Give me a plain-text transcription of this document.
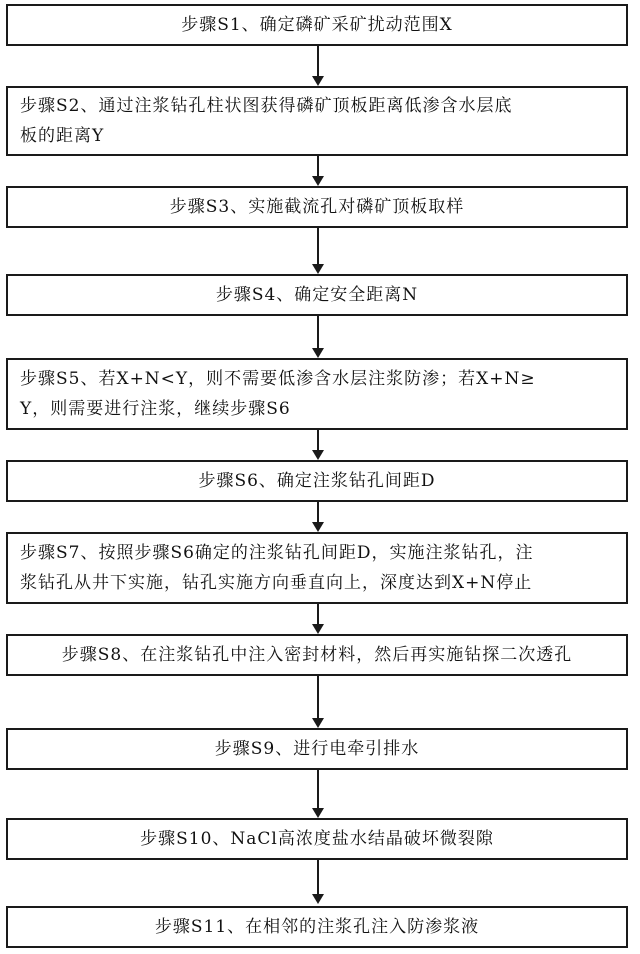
步骤S1、确定磷矿采矿扰动范围X
步骤S2、通过注浆钻孔柱状图获得磷矿顶板距离低渗含水层底
板的距离Y
步骤S3、实施截流孔对磷矿顶板取样
步骤S4、确定安全距离N
步骤S5、若X+N<Y，则不需要低渗含水层注浆防渗；若X+N≥
Y，则需要进行注浆，继续步骤S6
步骤S6、确定注浆钻孔间距D
步骤S7、按照步骤S6确定的注浆钻孔间距D，实施注浆钻孔，注
浆钻孔从井下实施，钻孔实施方向垂直向上，深度达到X+N停止
步骤S8、在注浆钻孔中注入密封材料，然后再实施钻探二次透孔
步骤S9、进行电牵引排水
步骤S10、NaCl高浓度盐水结晶破坏微裂隙
步骤S11、在相邻的注浆孔注入防渗浆液
